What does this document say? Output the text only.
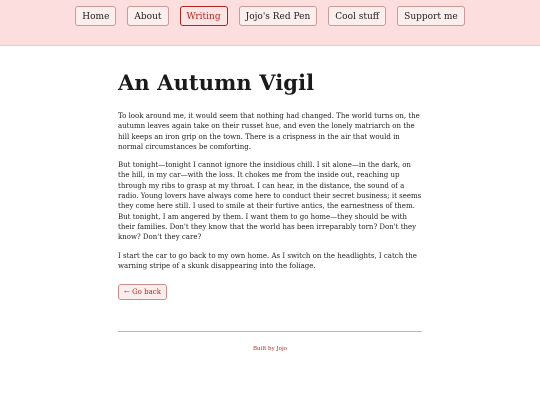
Home	About	Writing	Jojo's Red Pen	Cool stuff	Support me
An Autumn Vigil

To look around me, it would seem that nothing had changed. The world turns on, the autumn leaves again take on their russet hue, and even the lonely matriarch on the hill keeps an iron grip on the town. There is a crispness in the air that would in normal circumstances be comforting.

But tonight—tonight I cannot ignore the insidious chill. I sit alone—in the dark, on the hill, in my car—with the loss. It chokes me from the inside out, reaching up through my ribs to grasp at my throat. I can hear, in the distance, the sound of a radio. Young lovers have always come here to conduct their secret business; it seems they come here still. I used to smile at their furtive antics, the earnestness of them. But tonight, I am angered by them. I want them to go home—they should be with their families. Don't they know that the world has been irreparably torn? Don't they know? Don't they care?

I start the car to go back to my own home. As I switch on the headlights, I catch the warning stripe of a skunk disappearing into the foliage.

← Go back
Built by Jojo
